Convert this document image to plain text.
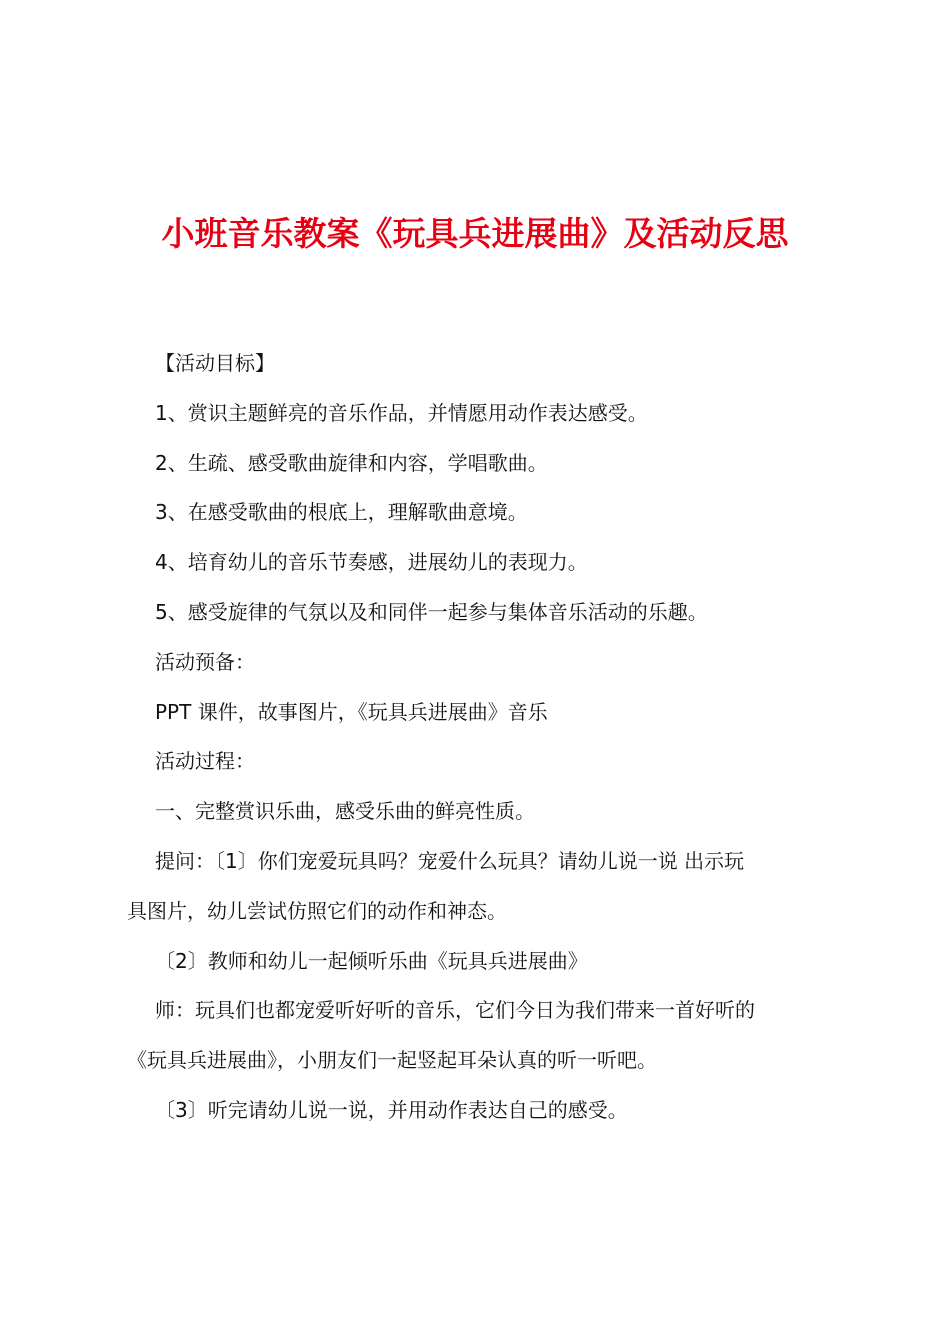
小班音乐教案《玩具兵进展曲》及活动反思
【活动目标】
1、赏识主题鲜亮的音乐作品，并情愿用动作表达感受。
2、生疏、感受歌曲旋律和内容，学唱歌曲。
3、在感受歌曲的根底上，理解歌曲意境。
4、培育幼儿的音乐节奏感，进展幼儿的表现力。
5、感受旋律的气氛以及和同伴一起参与集体音乐活动的乐趣。
活动预备：
PPT 课件，故事图片，《玩具兵进展曲》音乐
活动过程：
一、完整赏识乐曲，感受乐曲的鲜亮性质。
提问：〔1〕你们宠爱玩具吗？宠爱什么玩具？请幼儿说一说 出示玩
具图片，幼儿尝试仿照它们的动作和神态。
〔2〕教师和幼儿一起倾听乐曲《玩具兵进展曲》
师：玩具们也都宠爱听好听的音乐，它们今日为我们带来一首好听的
《玩具兵进展曲》，小朋友们一起竖起耳朵认真的听一听吧。
〔3〕听完请幼儿说一说，并用动作表达自己的感受。
